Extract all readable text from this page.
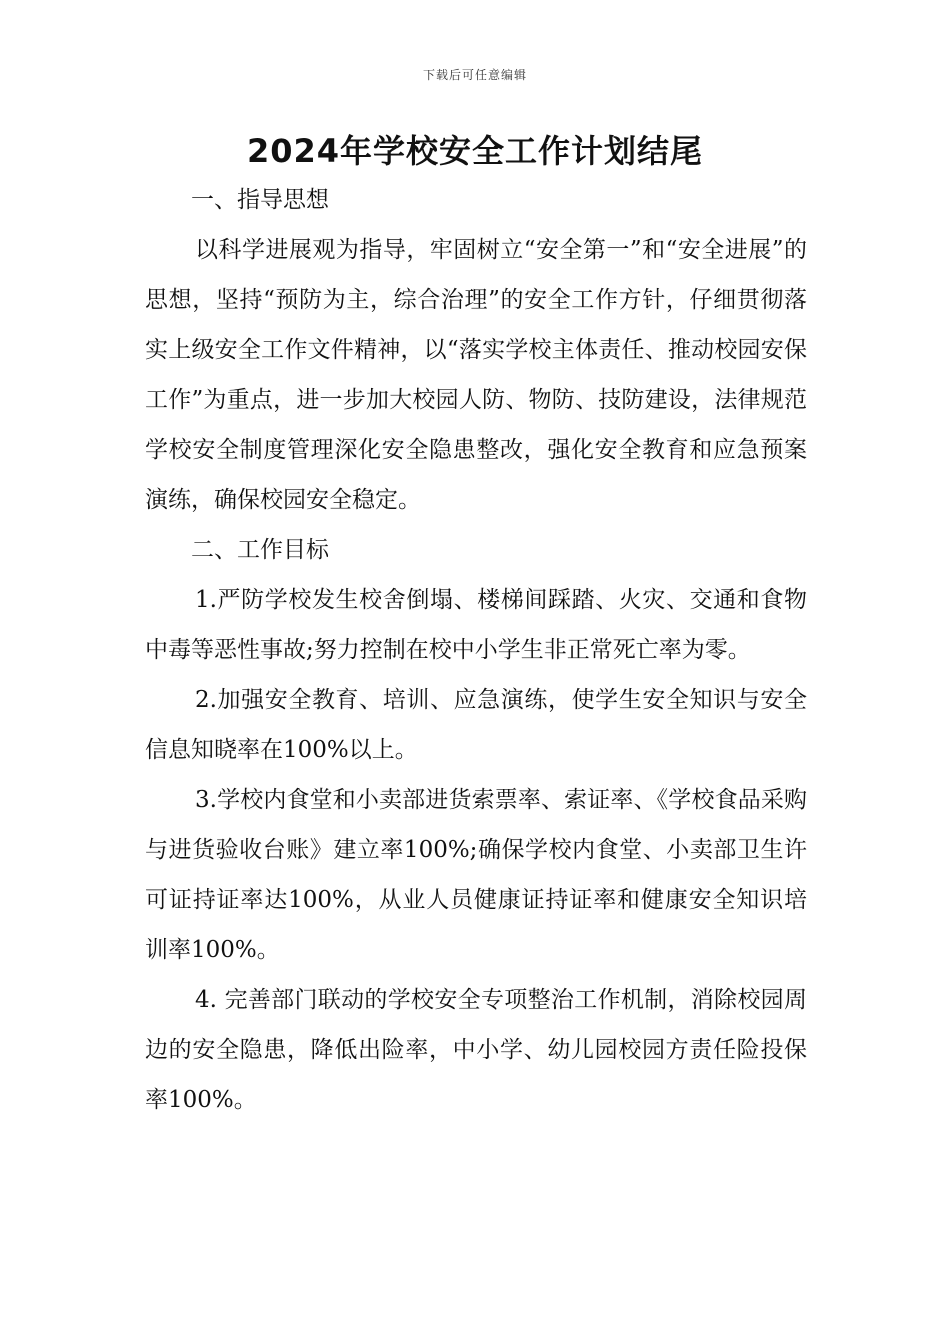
下载后可任意编辑
2024年学校安全工作计划结尾

一、指导思想

以科学进展观为指导，牢固树立“安全第一”和“安全进展”的思想，坚持“预防为主，综合治理”的安全工作方针，仔细贯彻落实上级安全工作文件精神，以“落实学校主体责任、推动校园安保工作”为重点，进一步加大校园人防、物防、技防建设，法律规范学校安全制度管理深化安全隐患整改，强化安全教育和应急预案演练，确保校园安全稳定。

二、工作目标

1.严防学校发生校舍倒塌、楼梯间踩踏、火灾、交通和食物中毒等恶性事故;努力控制在校中小学生非正常死亡率为零。

2.加强安全教育、培训、应急演练，使学生安全知识与安全信息知晓率在100%以上。

3.学校内食堂和小卖部进货索票率、索证率、《学校食品采购与进货验收台账》建立率100%;确保学校内食堂、小卖部卫生许可证持证率达100%，从业人员健康证持证率和健康安全知识培训率100%。

4. 完善部门联动的学校安全专项整治工作机制，消除校园周边的安全隐患，降低出险率，中小学、幼儿园校园方责任险投保率100%。
